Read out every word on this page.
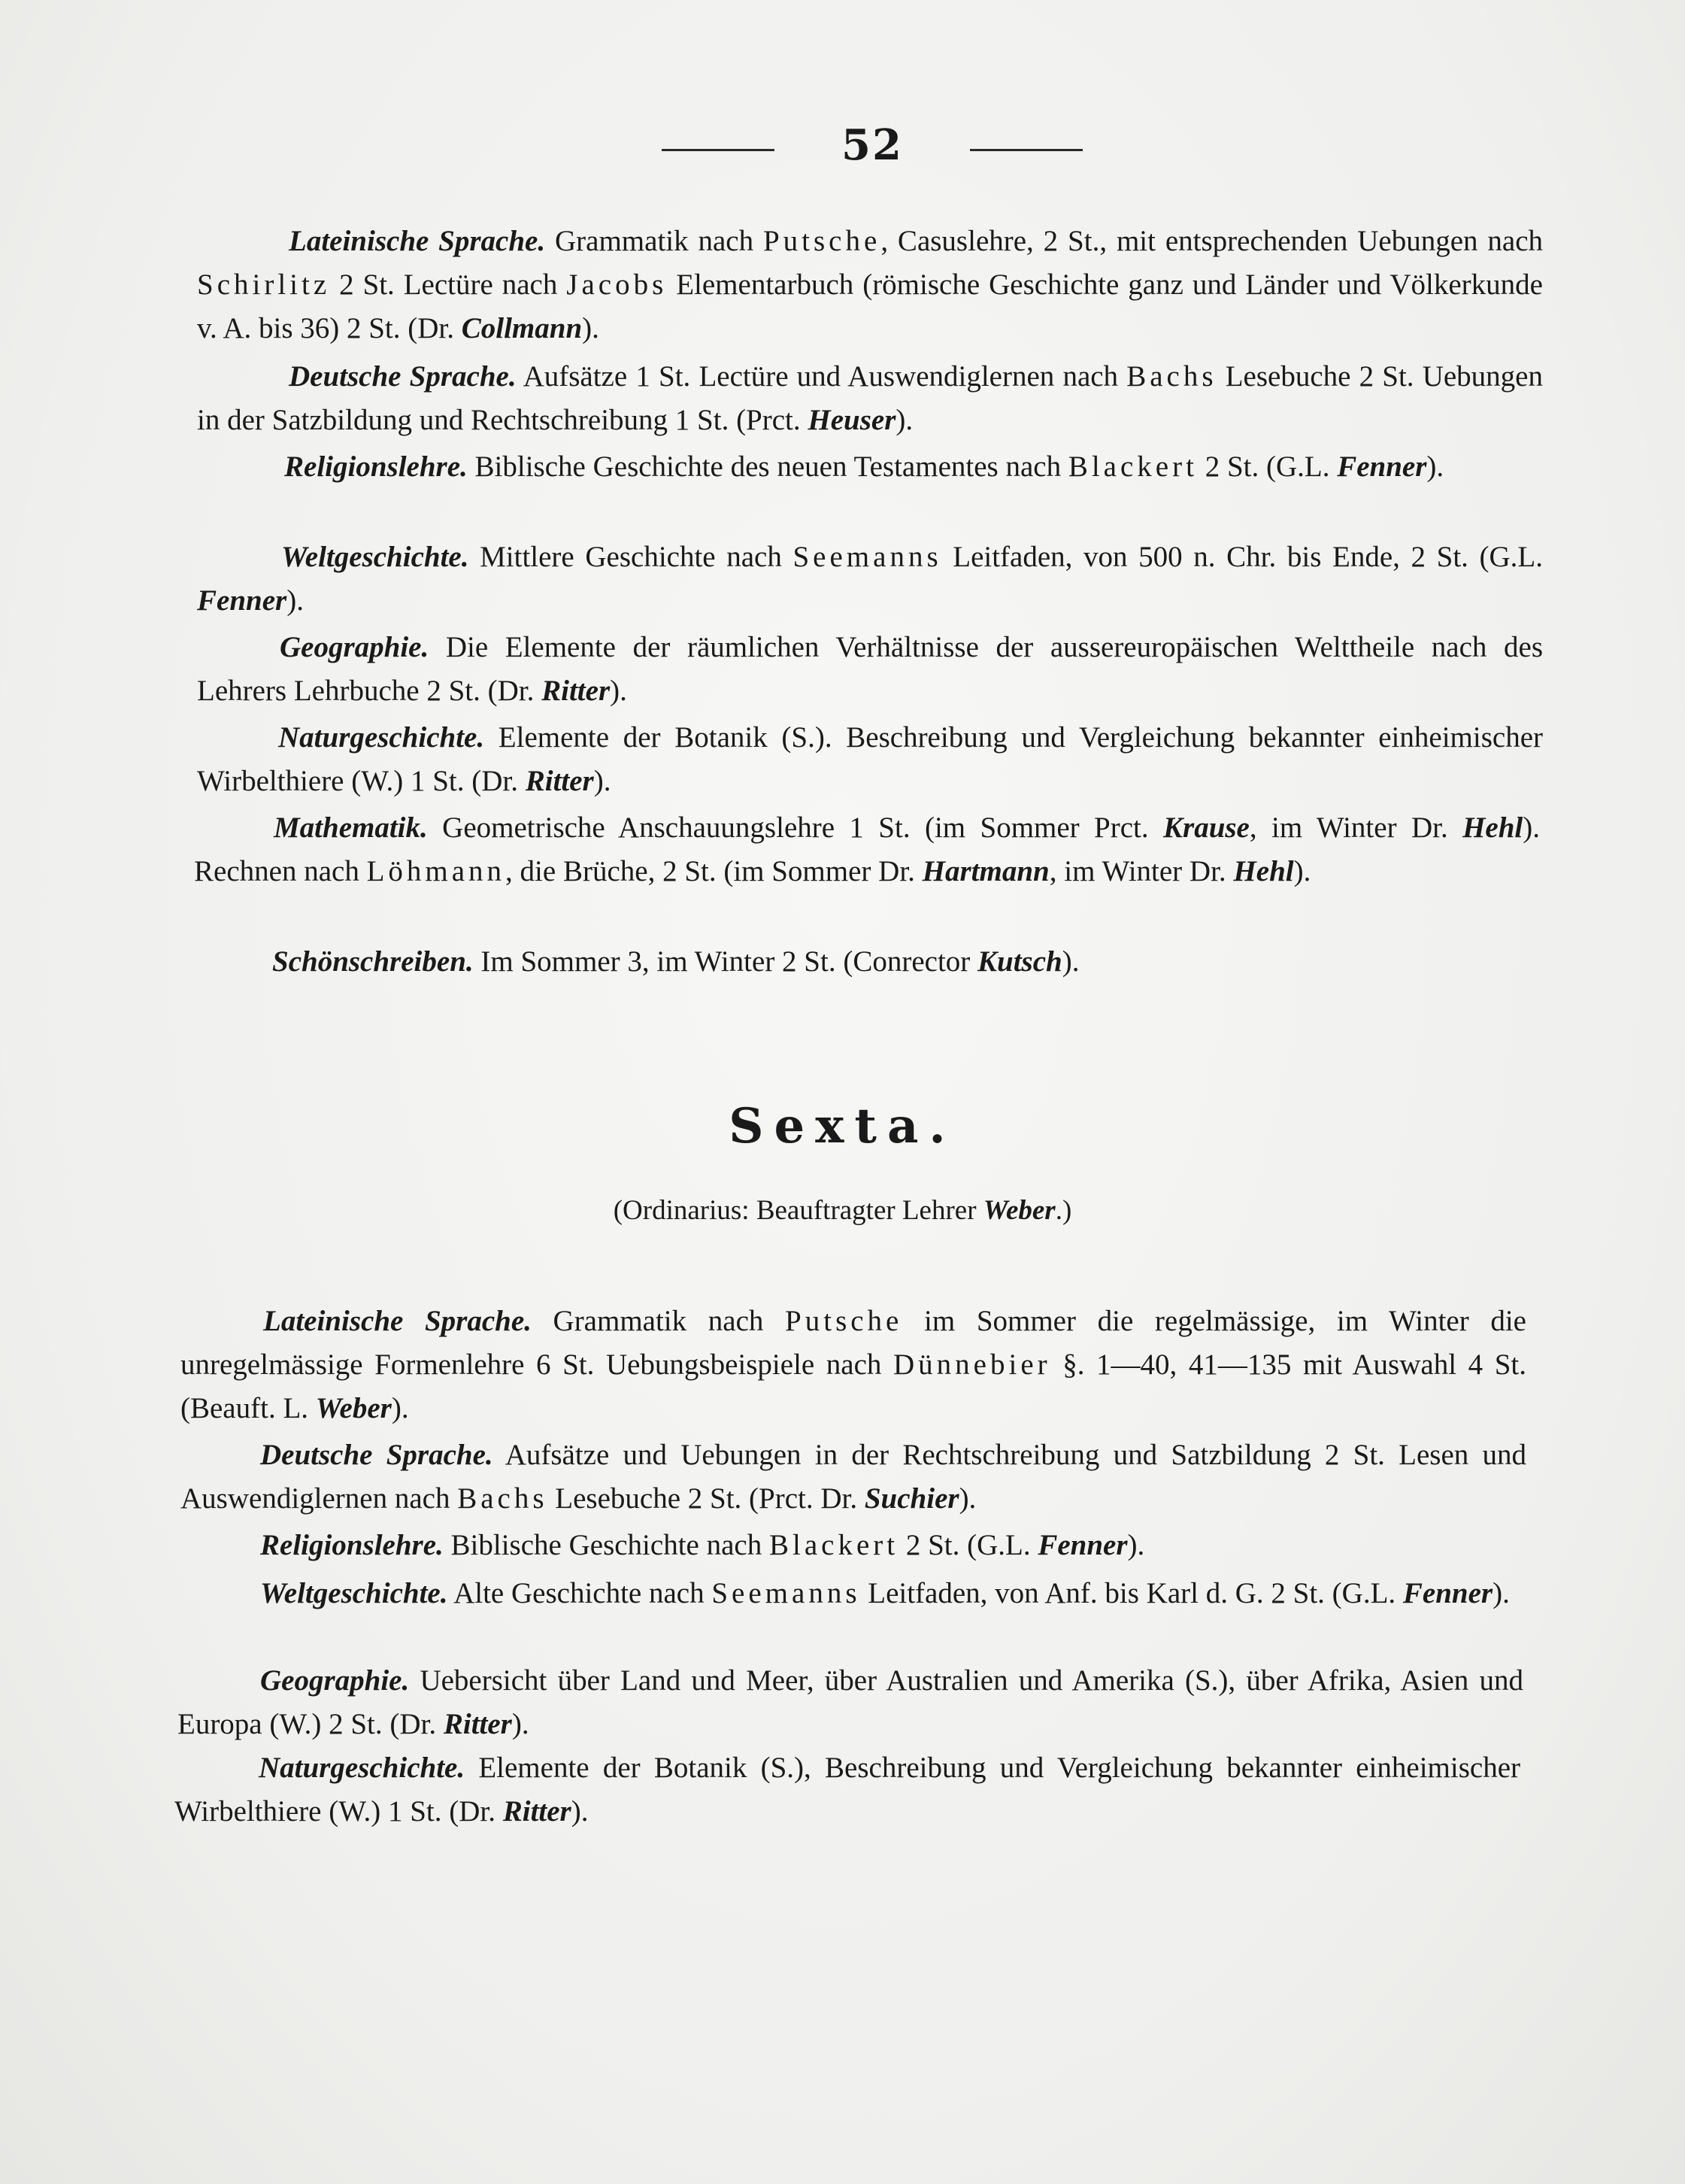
52

Lateinische Sprache. Grammatik nach Putsche, Casuslehre, 2 St., mit entsprechenden Uebungen nach Schirlitz 2 St. Lectüre nach Jacobs Elementarbuch (römische Geschichte ganz und Länder und Völkerkunde v. A. bis 36) 2 St. (Dr. Collmann).

Deutsche Sprache. Aufsätze 1 St. Lectüre und Auswendiglernen nach Bachs Lesebuche 2 St. Uebungen in der Satzbildung und Rechtschreibung 1 St. (Prct. Heuser).

Religionslehre. Biblische Geschichte des neuen Testamentes nach Blackert 2 St. (G.L. Fenner).

Weltgeschichte. Mittlere Geschichte nach Seemanns Leitfaden, von 500 n. Chr. bis Ende, 2 St. (G.L. Fenner).

Geographie. Die Elemente der räumlichen Verhältnisse der aussereuropäischen Welttheile nach des Lehrers Lehrbuche 2 St. (Dr. Ritter).

Naturgeschichte. Elemente der Botanik (S.). Beschreibung und Vergleichung bekannter einheimischer Wirbelthiere (W.) 1 St. (Dr. Ritter).

Mathematik. Geometrische Anschauungslehre 1 St. (im Sommer Prct. Krause, im Winter Dr. Hehl). Rechnen nach Löhmann, die Brüche, 2 St. (im Sommer Dr. Hartmann, im Winter Dr. Hehl).

Schönschreiben. Im Sommer 3, im Winter 2 St. (Conrector Kutsch).

Sexta.

(Ordinarius: Beauftragter Lehrer Weber.)

Lateinische Sprache. Grammatik nach Putsche im Sommer die regelmässige, im Winter die unregelmässige Formenlehre 6 St. Uebungsbeispiele nach Dünnebier §. 1—40, 41—135 mit Auswahl 4 St. (Beauft. L. Weber).

Deutsche Sprache. Aufsätze und Uebungen in der Rechtschreibung und Satzbildung 2 St. Lesen und Auswendiglernen nach Bachs Lesebuche 2 St. (Prct. Dr. Suchier).

Religionslehre. Biblische Geschichte nach Blackert 2 St. (G.L. Fenner).

Weltgeschichte. Alte Geschichte nach Seemanns Leitfaden, von Anf. bis Karl d. G. 2 St. (G.L. Fenner).

Geographie. Uebersicht über Land und Meer, über Australien und Amerika (S.), über Afrika, Asien und Europa (W.) 2 St. (Dr. Ritter).

Naturgeschichte. Elemente der Botanik (S.), Beschreibung und Vergleichung bekannter einheimischer Wirbelthiere (W.) 1 St. (Dr. Ritter).
